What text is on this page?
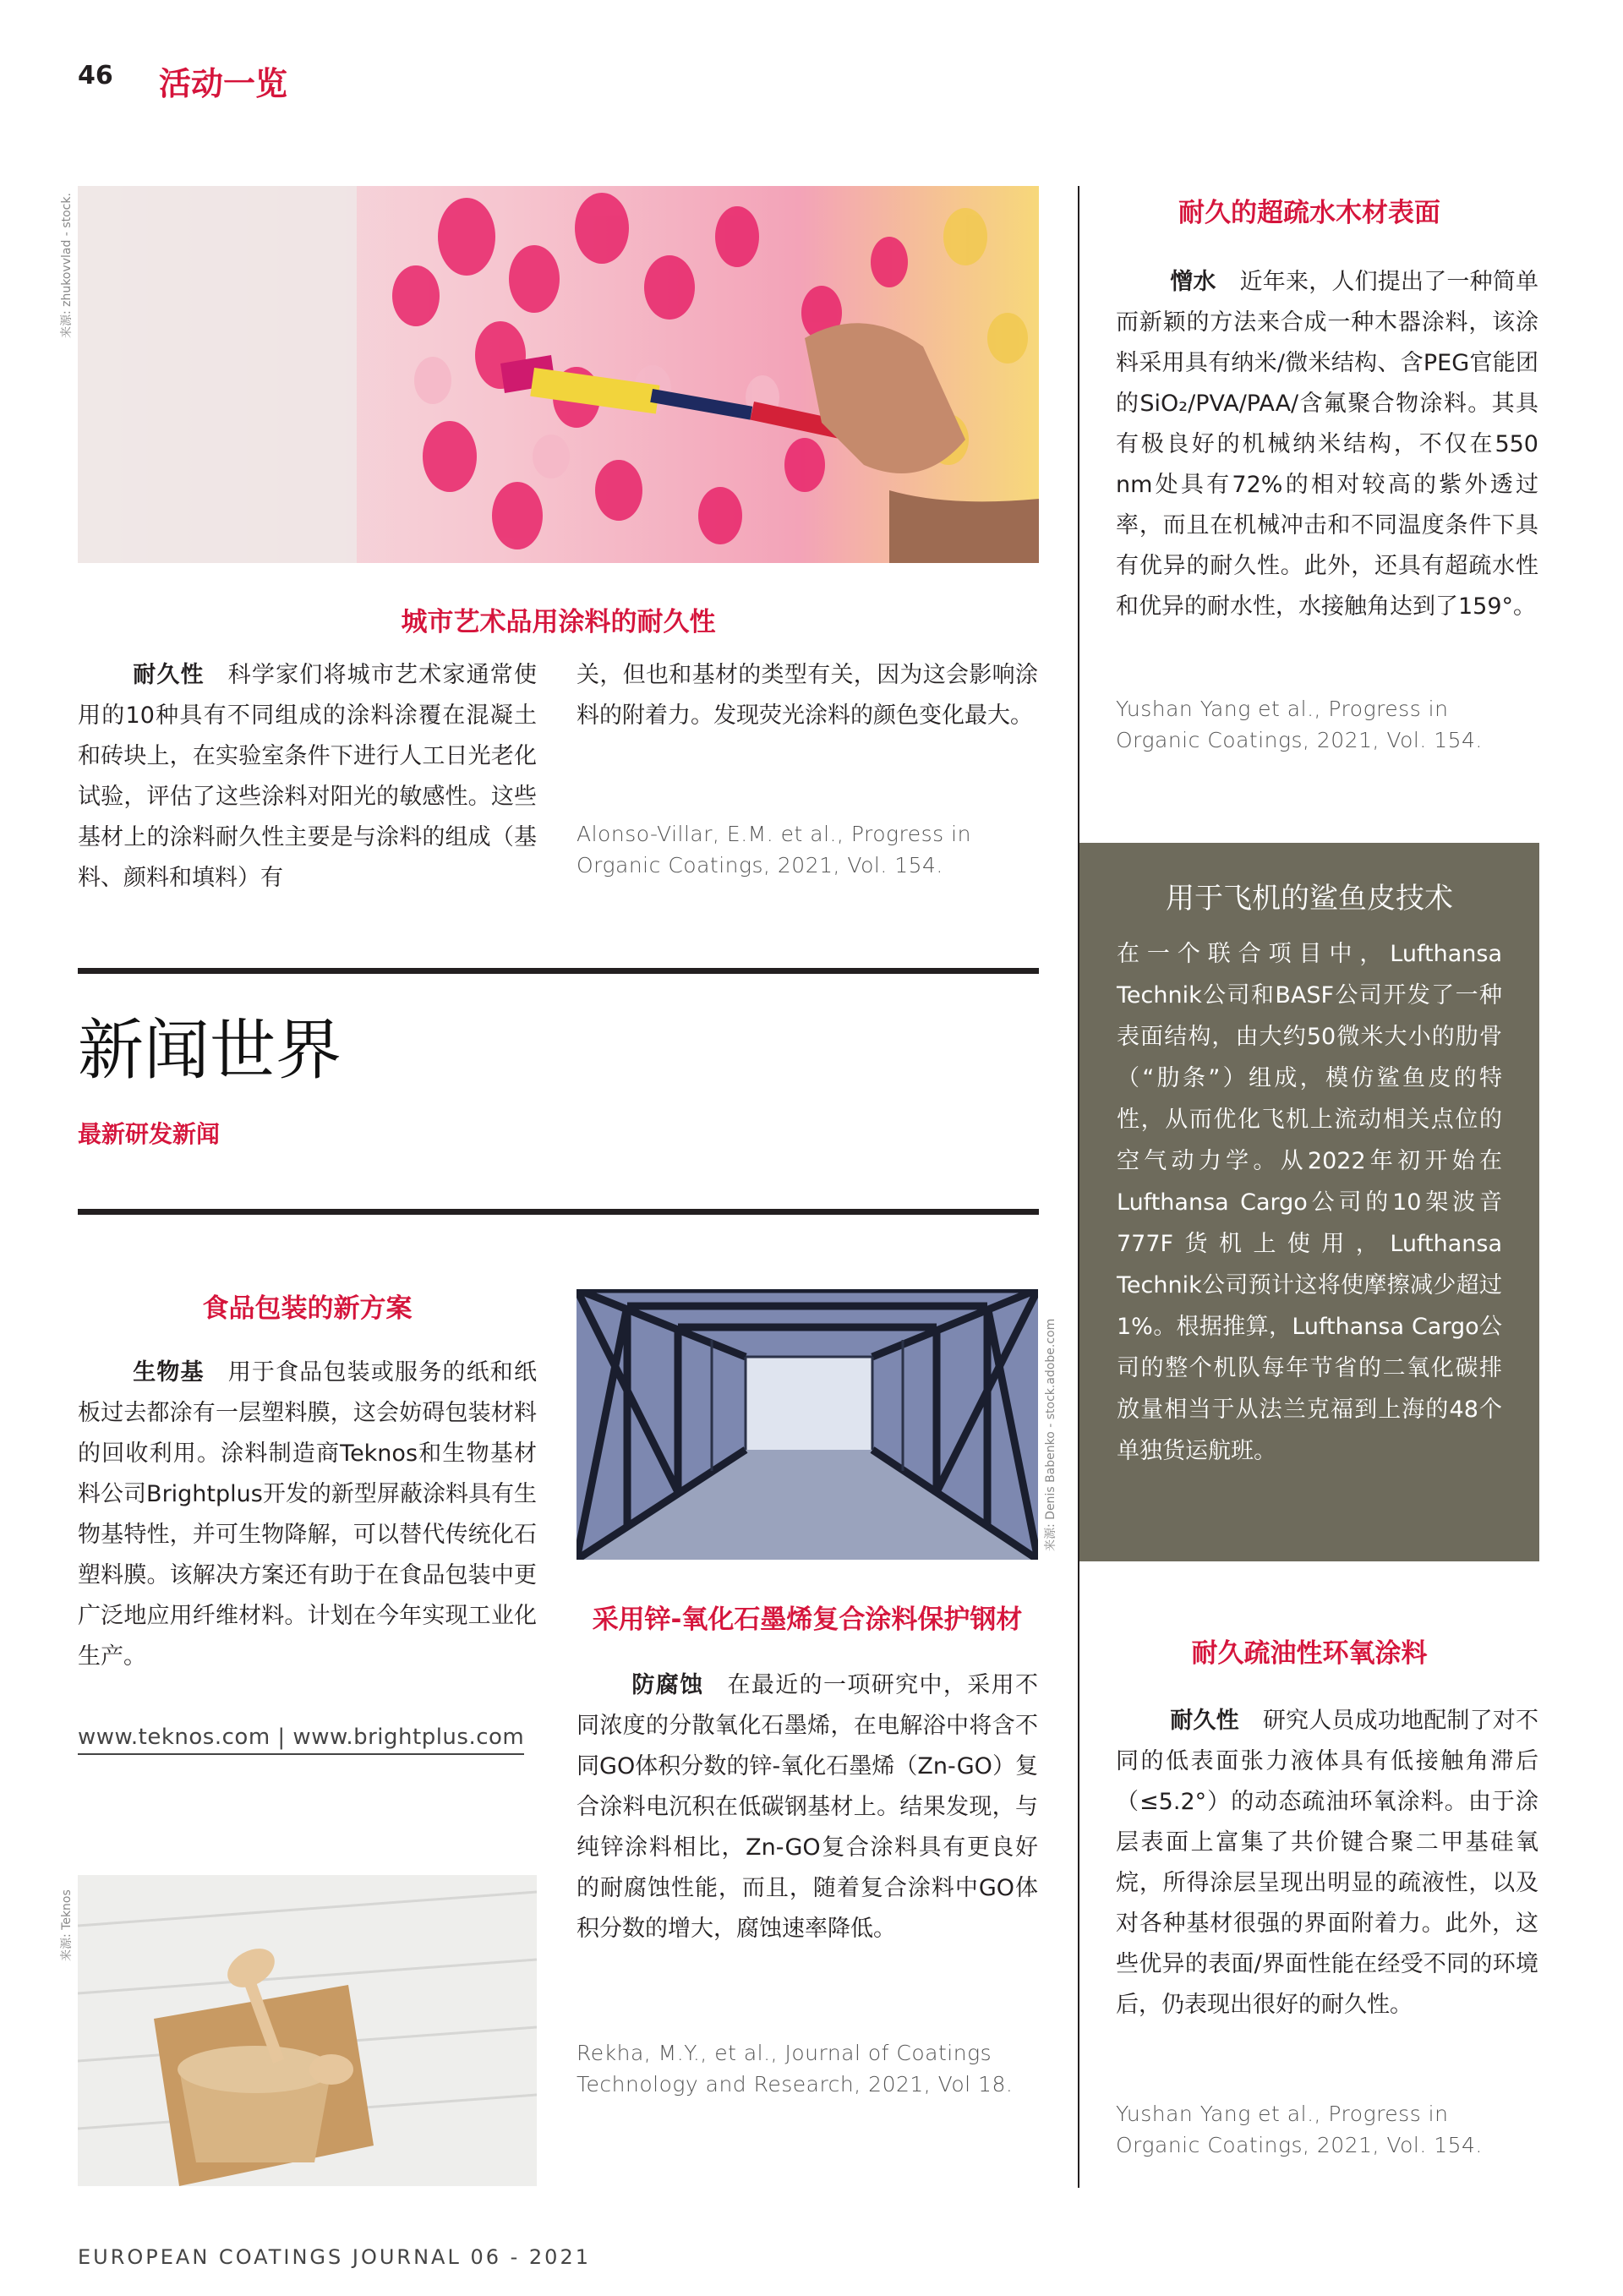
46 活动一览
来源: zhukovvlad - stock.
城市艺术品用涂料的耐久性
耐久性 科学家们将城市艺术家通常使用的10种具有不同组成的涂料涂覆在混凝土和砖块上，在实验室条件下进行人工日光老化试验，评估了这些涂料对阳光的敏感性。这些基材上的涂料耐久性主要是与涂料的组成（基料、颜料和填料）有
关，但也和基材的类型有关，因为这会影响涂料的附着力。发现荧光涂料的颜色变化最大。
Alonso-Villar, E.M. et al., Progress in Organic Coatings, 2021, Vol. 154.
耐久的超疏水木材表面
憎水 近年来，人们提出了一种简单而新颖的方法来合成一种木器涂料，该涂料采用具有纳米/微米结构、含PEG官能团的SiO₂/PVA/PAA/含氟聚合物涂料。其具有极良好的机械纳米结构，不仅在550 nm处具有72%的相对较高的紫外透过率，而且在机械冲击和不同温度条件下具有优异的耐久性。此外，还具有超疏水性和优异的耐水性，水接触角达到了159°。
Yushan Yang et al., Progress in Organic Coatings, 2021, Vol. 154.
用于飞机的鲨鱼皮技术
在一个联合项目中，Lufthansa Technik公司和BASF公司开发了一种表面结构，由大约50微米大小的肋骨（“肋条”）组成，模仿鲨鱼皮的特性，从而优化飞机上流动相关点位的空气动力学。从2022年初开始在Lufthansa Cargo公司的10架波音777F货机上使用，Lufthansa Technik公司预计这将使摩擦减少超过1%。根据推算，Lufthansa Cargo公司的整个机队每年节省的二氧化碳排放量相当于从法兰克福到上海的48个单独货运航班。
新闻世界
最新研发新闻
食品包装的新方案
生物基 用于食品包装或服务的纸和纸板过去都涂有一层塑料膜，这会妨碍包装材料的回收利用。涂料制造商Teknos和生物基材料公司Brightplus开发的新型屏蔽涂料具有生物基特性，并可生物降解，可以替代传统化石塑料膜。该解决方案还有助于在食品包装中更广泛地应用纤维材料。计划在今年实现工业化生产。
www.teknos.com | www.brightplus.com
来源: Teknos
来源: Denis Babenko - stock.adobe.com
采用锌-氧化石墨烯复合涂料保护钢材
防腐蚀 在最近的一项研究中，采用不同浓度的分散氧化石墨烯，在电解浴中将含不同GO体积分数的锌-氧化石墨烯（Zn-GO）复合涂料电沉积在低碳钢基材上。结果发现，与纯锌涂料相比，Zn-GO复合涂料具有更良好的耐腐蚀性能，而且，随着复合涂料中GO体积分数的增大，腐蚀速率降低。
Rekha, M.Y., et al., Journal of Coatings Technology and Research, 2021, Vol 18.
耐久疏油性环氧涂料
耐久性 研究人员成功地配制了对不同的低表面张力液体具有低接触角滞后（≤5.2°）的动态疏油环氧涂料。由于涂层表面上富集了共价键合聚二甲基硅氧烷，所得涂层呈现出明显的疏液性，以及对各种基材很强的界面附着力。此外，这些优异的表面/界面性能在经受不同的环境后，仍表现出很好的耐久性。
Yushan Yang et al., Progress in Organic Coatings, 2021, Vol. 154.
EUROPEAN COATINGS JOURNAL 06 - 2021
